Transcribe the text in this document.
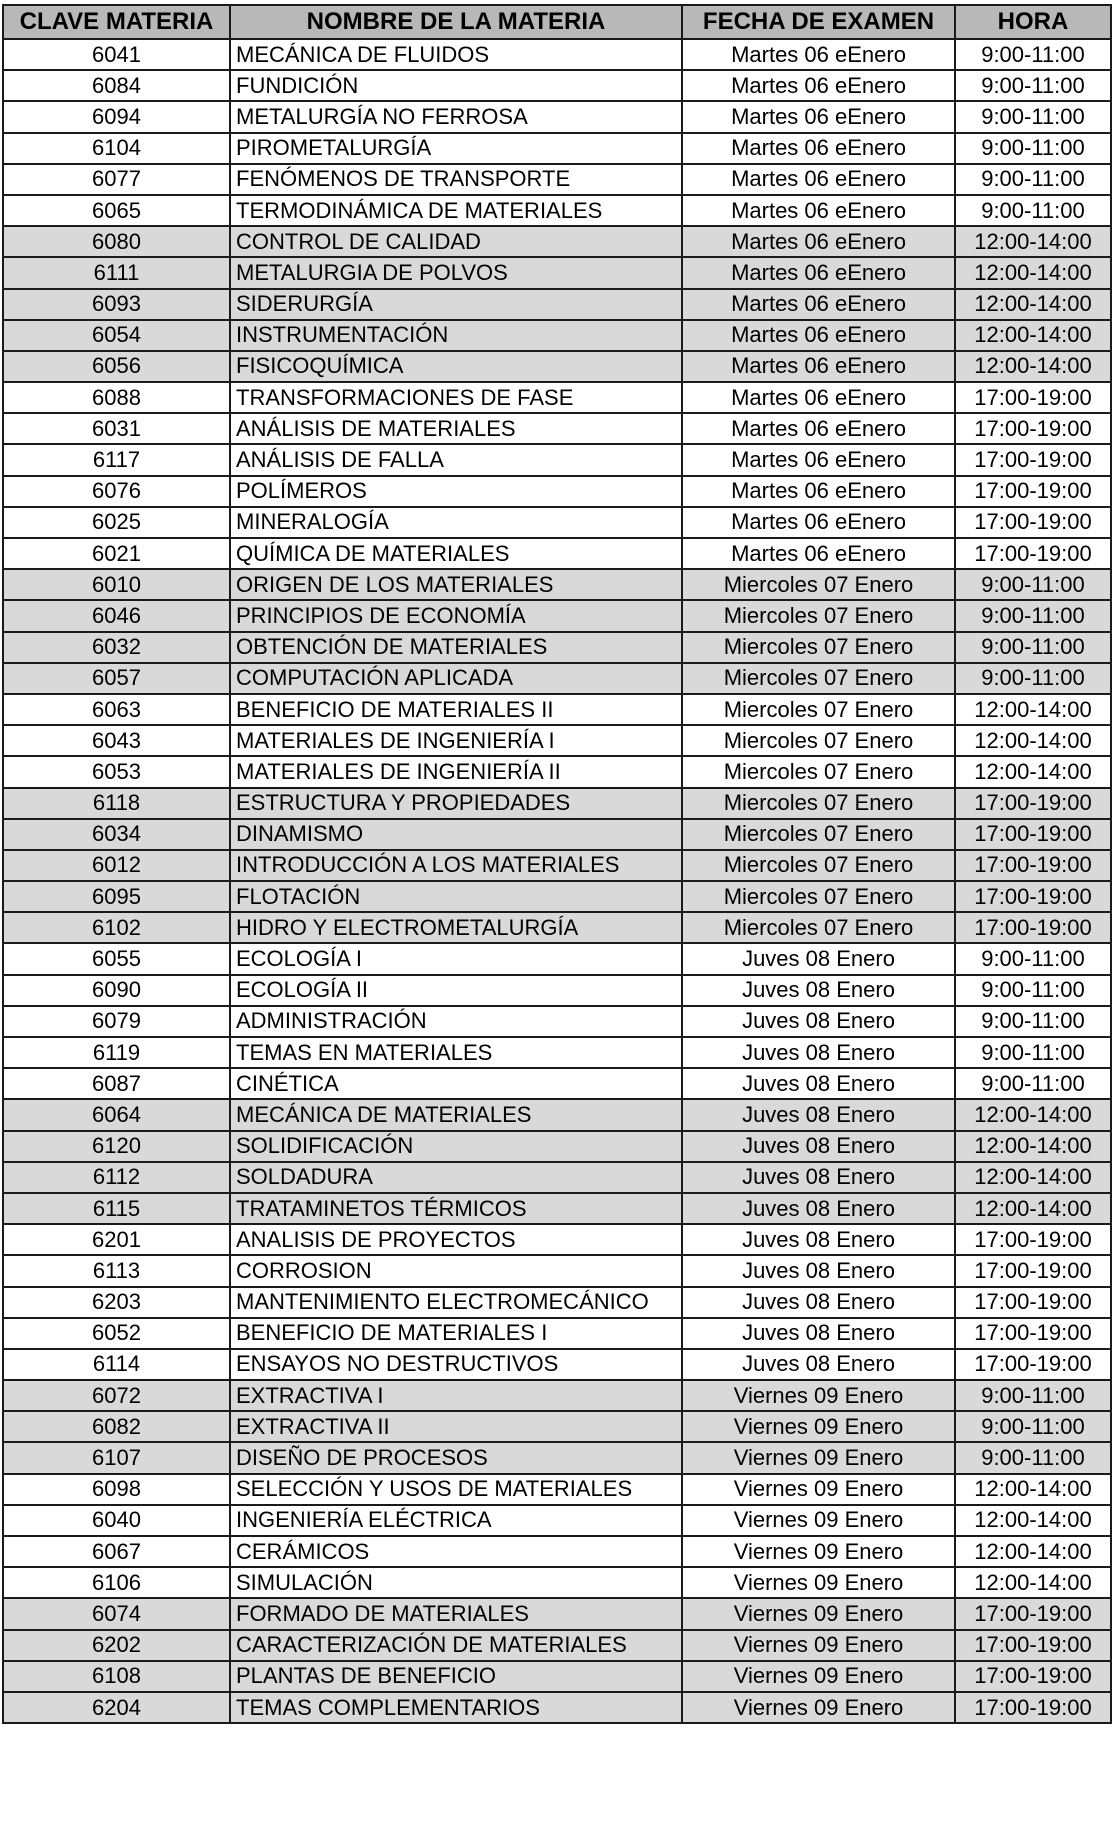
CLAVE MATERIA	NOMBRE DE LA MATERIA	FECHA DE EXAMEN	HORA
6041	MECÁNICA DE FLUIDOS	Martes 06 eEnero	9:00-11:00
6084	FUNDICIÓN	Martes 06 eEnero	9:00-11:00
6094	METALURGÍA NO FERROSA	Martes 06 eEnero	9:00-11:00
6104	PIROMETALURGÍA	Martes 06 eEnero	9:00-11:00
6077	FENÓMENOS DE TRANSPORTE	Martes 06 eEnero	9:00-11:00
6065	TERMODINÁMICA DE MATERIALES	Martes 06 eEnero	9:00-11:00
6080	CONTROL DE CALIDAD	Martes 06 eEnero	12:00-14:00
6111	METALURGIA DE POLVOS	Martes 06 eEnero	12:00-14:00
6093	SIDERURGÍA	Martes 06 eEnero	12:00-14:00
6054	INSTRUMENTACIÓN	Martes 06 eEnero	12:00-14:00
6056	FISICOQUÍMICA	Martes 06 eEnero	12:00-14:00
6088	TRANSFORMACIONES DE FASE	Martes 06 eEnero	17:00-19:00
6031	ANÁLISIS DE MATERIALES	Martes 06 eEnero	17:00-19:00
6117	ANÁLISIS DE FALLA	Martes 06 eEnero	17:00-19:00
6076	POLÍMEROS	Martes 06 eEnero	17:00-19:00
6025	MINERALOGÍA	Martes 06 eEnero	17:00-19:00
6021	QUÍMICA DE MATERIALES	Martes 06 eEnero	17:00-19:00
6010	ORIGEN DE LOS MATERIALES	Miercoles 07 Enero	9:00-11:00
6046	PRINCIPIOS DE ECONOMÍA	Miercoles 07 Enero	9:00-11:00
6032	OBTENCIÓN DE MATERIALES	Miercoles 07 Enero	9:00-11:00
6057	COMPUTACIÓN APLICADA	Miercoles 07 Enero	9:00-11:00
6063	BENEFICIO DE MATERIALES II	Miercoles 07 Enero	12:00-14:00
6043	MATERIALES DE INGENIERÍA I	Miercoles 07 Enero	12:00-14:00
6053	MATERIALES DE INGENIERÍA II	Miercoles 07 Enero	12:00-14:00
6118	ESTRUCTURA Y PROPIEDADES	Miercoles 07 Enero	17:00-19:00
6034	DINAMISMO	Miercoles 07 Enero	17:00-19:00
6012	INTRODUCCIÓN A LOS MATERIALES	Miercoles 07 Enero	17:00-19:00
6095	FLOTACIÓN	Miercoles 07 Enero	17:00-19:00
6102	HIDRO Y ELECTROMETALURGÍA	Miercoles 07 Enero	17:00-19:00
6055	ECOLOGÍA I	Juves 08 Enero	9:00-11:00
6090	ECOLOGÍA II	Juves 08 Enero	9:00-11:00
6079	ADMINISTRACIÓN	Juves 08 Enero	9:00-11:00
6119	TEMAS EN MATERIALES	Juves 08 Enero	9:00-11:00
6087	CINÉTICA	Juves 08 Enero	9:00-11:00
6064	MECÁNICA DE MATERIALES	Juves 08 Enero	12:00-14:00
6120	SOLIDIFICACIÓN	Juves 08 Enero	12:00-14:00
6112	SOLDADURA	Juves 08 Enero	12:00-14:00
6115	TRATAMINETOS TÉRMICOS	Juves 08 Enero	12:00-14:00
6201	ANALISIS DE PROYECTOS	Juves 08 Enero	17:00-19:00
6113	CORROSION	Juves 08 Enero	17:00-19:00
6203	MANTENIMIENTO ELECTROMECÁNICO	Juves 08 Enero	17:00-19:00
6052	BENEFICIO DE MATERIALES I	Juves 08 Enero	17:00-19:00
6114	ENSAYOS NO DESTRUCTIVOS	Juves 08 Enero	17:00-19:00
6072	EXTRACTIVA I	Viernes 09 Enero	9:00-11:00
6082	EXTRACTIVA II	Viernes 09 Enero	9:00-11:00
6107	DISEÑO DE PROCESOS	Viernes 09 Enero	9:00-11:00
6098	SELECCIÓN Y USOS DE MATERIALES	Viernes 09 Enero	12:00-14:00
6040	INGENIERÍA ELÉCTRICA	Viernes 09 Enero	12:00-14:00
6067	CERÁMICOS	Viernes 09 Enero	12:00-14:00
6106	SIMULACIÓN	Viernes 09 Enero	12:00-14:00
6074	FORMADO DE MATERIALES	Viernes 09 Enero	17:00-19:00
6202	CARACTERIZACIÓN DE MATERIALES	Viernes 09 Enero	17:00-19:00
6108	PLANTAS DE BENEFICIO	Viernes 09 Enero	17:00-19:00
6204	TEMAS COMPLEMENTARIOS	Viernes 09 Enero	17:00-19:00
